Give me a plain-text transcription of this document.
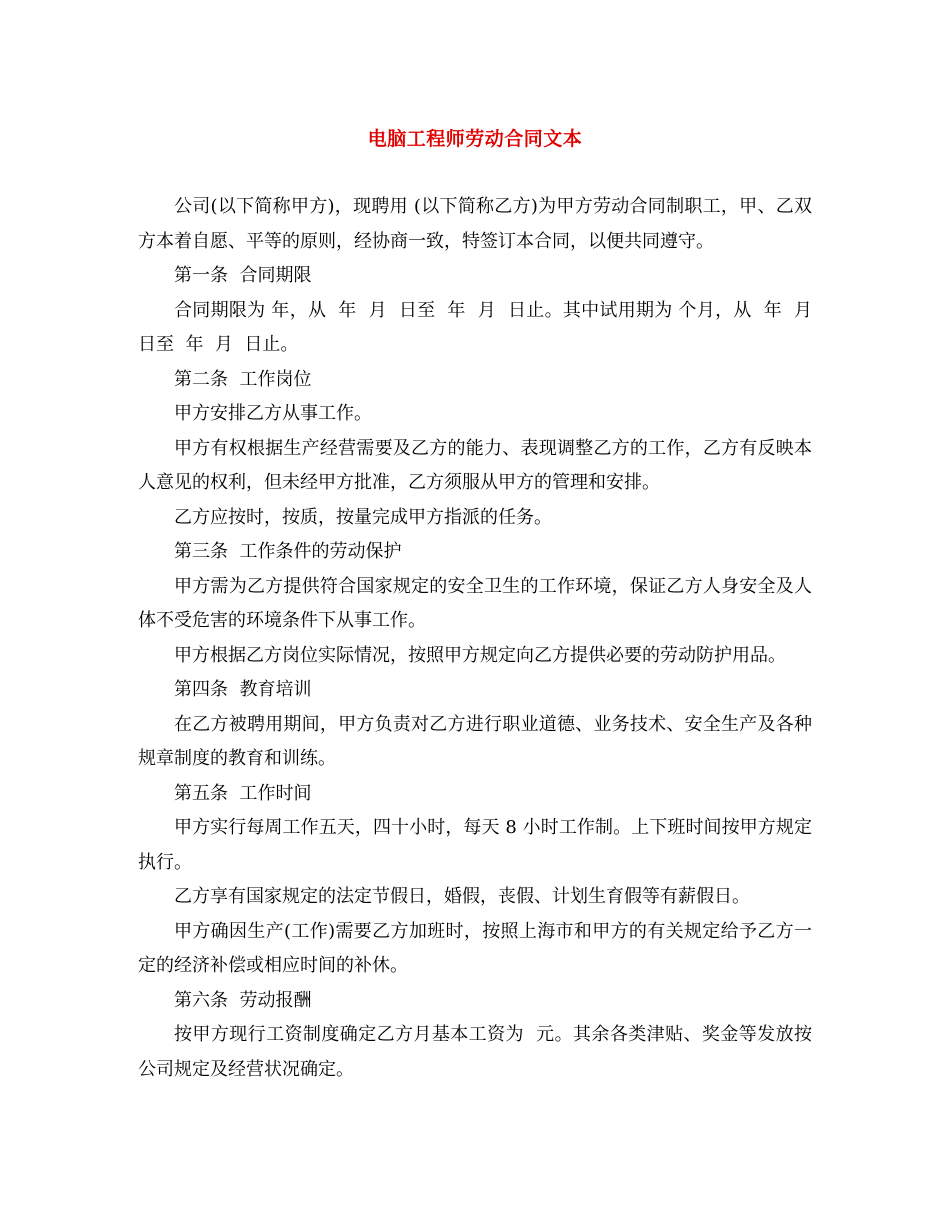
电脑工程师劳动合同文本

公司(以下简称甲方)，现聘用 (以下简称乙方)为甲方劳动合同制职工，甲、乙双方本着自愿、平等的原则，经协商一致，特签订本合同，以便共同遵守。

第一条  合同期限

合同期限为 年，从  年  月  日至  年  月  日止。其中试用期为 个月，从  年  月日至  年  月  日止。

第二条  工作岗位

甲方安排乙方从事工作。

甲方有权根据生产经营需要及乙方的能力、表现调整乙方的工作，乙方有反映本人意见的权利，但未经甲方批准，乙方须服从甲方的管理和安排。

乙方应按时，按质，按量完成甲方指派的任务。

第三条  工作条件的劳动保护

甲方需为乙方提供符合国家规定的安全卫生的工作环境，保证乙方人身安全及人体不受危害的环境条件下从事工作。

甲方根据乙方岗位实际情况，按照甲方规定向乙方提供必要的劳动防护用品。

第四条  教育培训

在乙方被聘用期间，甲方负责对乙方进行职业道德、业务技术、安全生产及各种规章制度的教育和训练。

第五条  工作时间

甲方实行每周工作五天，四十小时，每天 8 小时工作制。上下班时间按甲方规定执行。

乙方享有国家规定的法定节假日，婚假，丧假、计划生育假等有薪假日。

甲方确因生产(工作)需要乙方加班时，按照上海市和甲方的有关规定给予乙方一定的经济补偿或相应时间的补休。

第六条  劳动报酬

按甲方现行工资制度确定乙方月基本工资为  元。其余各类津贴、奖金等发放按公司规定及经营状况确定。
